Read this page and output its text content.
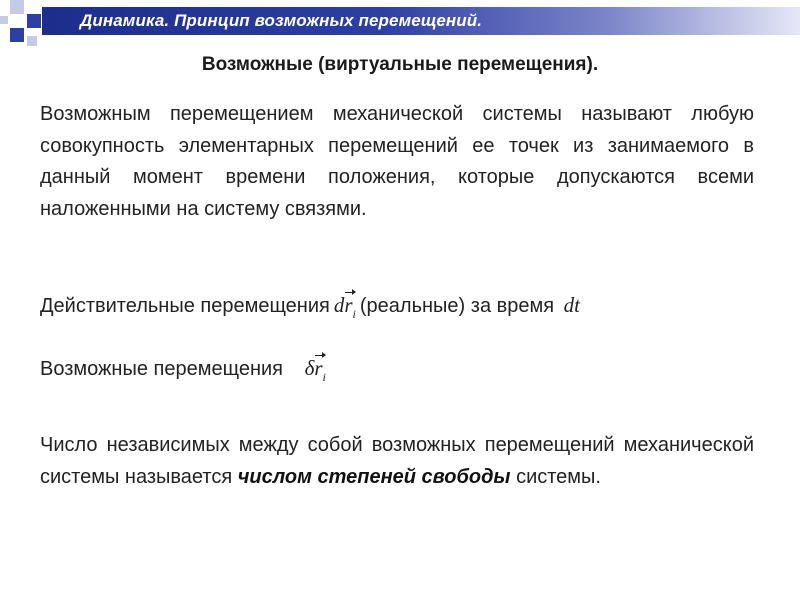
Динамика. Принцип возможных перемещений.
Возможные (виртуальные перемещения).
Возможным перемещением механической системы называют любую совокупность элементарных перемещений ее точек из занимаемого в данный момент времени положения, которые допускаются всеми наложенными на систему связями.
Действительные перемещения $dr_i$ (реальные) за время dt
Возможные перемещения $\delta r_i$
Число независимых между собой возможных перемещений механической системы называется числом степеней свободы системы.
